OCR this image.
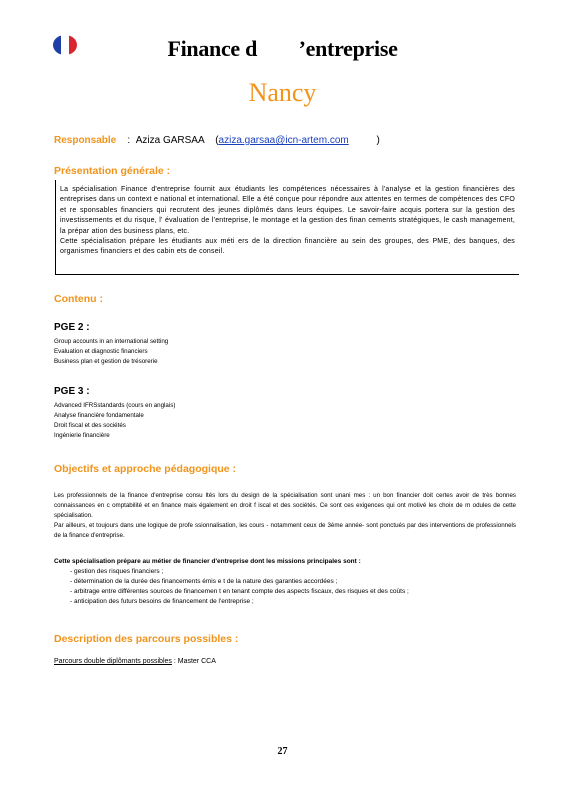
Finance d        ’entreprise
Nancy
Responsable : Aziza GARSAA    (aziza.garsaa@icn-artem.com          )
Présentation générale :

La spécialisation Finance d'entreprise fournit aux étudiants les compétences nécessaires à l'analyse et la gestion financières des entreprises dans un context e national et international. Elle a été conçue pour répondre aux attentes en termes de compétences des CFO et re sponsables financiers qui recrutent des jeunes diplômés dans leurs équipes. Le savoir-faire acquis portera sur la gestion des investissements et du risque, l' évaluation de l'entreprise, le montage et la gestion des finan cements stratégiques, le cash management, la prépar ation des business plans, etc.

Cette spécialisation prépare les étudiants aux méti ers de la direction financière au sein des groupes, des PME, des banques, des organismes financiers et des cabin ets de conseil.

Contenu :
PGE 2 :
Group accounts in an international setting
Evaluation et diagnostic financiers
Business plan et gestion de trésorerie
PGE 3 :
Advanced IFRSstandards (cours en anglais)
Analyse financière fondamentale
Droit fiscal et des sociétés
Ingénierie financière
Objectifs et approche pédagogique :

Les professionnels de la finance d'entreprise consu ltés lors du design de la spécialisation sont unani mes : un bon financier doit certes avoir de très bonnes connaissances en c omptabilité et en finance mais également en droit f iscal et des sociétés. Ce sont ces exigences qui ont motivé les choix de m odules de cette spécialisation.

Par ailleurs, et toujours dans une logique de profe ssionnalisation, les cours - notamment ceux de 3ème année- sont ponctués par des interventions de professionnels de la finance d'entreprise.

Cette spécialisation prépare au métier de financier d'entreprise dont les missions principales sont :
- gestion des risques financiers ;
- détermination de la durée des financements émis e t de la nature des garanties accordées ;
- arbitrage entre différentes sources de financemen t en tenant compte des aspects fiscaux, des risques et des coûts ;
- anticipation des futurs besoins de financement de l'entreprise ;
Description des parcours possibles :
Parcours double diplômants possibles : Master CCA
27
